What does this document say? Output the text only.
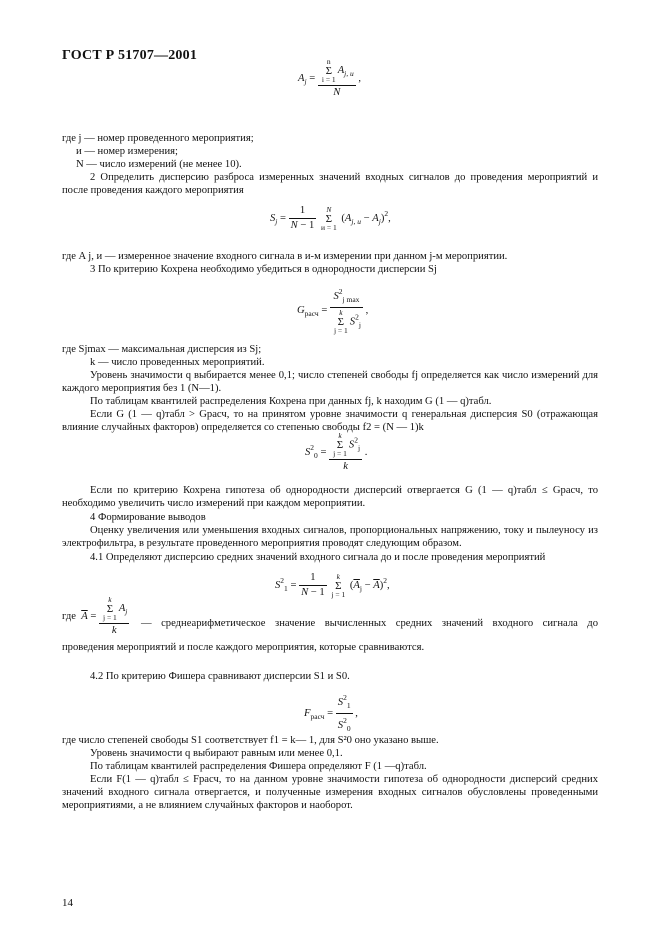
ГОСТ Р 51707—2001
$A_j = n$
Σ
$i = 1A_{j, и}$
N ,
где j — номер проведенного мероприятия;
и — номер измерения;
N — число измерений (не менее 10).
2 Определить дисперсию разброса измеренных значений входных сигналов до проведения мероприятий и после проведения каждого мероприятия
$S_j = \frac{1}{N - 1}$ N
Σ
и = 1 $(A_{j, и} - A_j)^2$,
где A j, и — измеренное значение входного сигнала в и-м измерении при данном j-м мероприятии.
3 По критерию Кохрена необходимо убедиться в однородности дисперсии Sj
$G_{расч} = S^2_{j max}$
k
Σ
$j = 1S^2_j$ ,
где Sjmax — максимальная дисперсия из Sj;
k — число проведенных мероприятий.
Уровень значимости q выбирается менее 0,1; число степеней свободы fj определяется как число измерений для каждого мероприятия без 1 (N—1).
По таблицам квантилей распределения Кохрена при данных fj, k находим G (1 — q)табл.
Если G (1 — q)табл > Gрасч, то на принятом уровне значимости q генеральная дисперсия S0 (отражающая влияние случайных факторов) определяется со степенью свободы f2 = (N — 1)k
$S^2_0 = k$
Σ
$j = 1S^2_j$
k .
Если по критерию Кохрена гипотеза об однородности дисперсий отвергается G (1 — q)табл ≤ Gрасч, то необходимо увеличить число измерений при каждом мероприятии.
4 Формирование выводов
Оценку увеличения или уменьшения входных сигналов, пропорциональных напряжению, току и пылеуносу из электрофильтра, в результате проведенного мероприятия проводят следующим образом.
4.1 Определяют дисперсию средних значений входного сигнала до и после проведения мероприятий
$S^2_1 = \frac{1}{N - 1}$ k
Σ
j = 1 $(\overline{A}_j - \overline{A})^2$,
где  $\overline{A} = k$
Σ
$j = 1A_j$
k — среднеарифметическое значение вычисленных средних значений входного сигнала до
проведения мероприятий и после каждого мероприятия, которые сравниваются.
4.2 По критерию Фишера сравнивают дисперсии S1 и S0.
$F_{расч} = \frac{S^2_1}{S^2_0}$ ,
где число степеней свободы S1 соответствует f1 = k— 1, для S²0 оно указано выше.
Уровень значимости q выбирают равным или менее 0,1.
По таблицам квантилей распределения Фишера определяют F (1 —q)табл.
Если F(1 — q)табл ≤ Fрасч, то на данном уровне значимости гипотеза об однородности дисперсий средних значений входного сигнала отвергается, и полученные измерения входных сигналов обусловлены проведенными мероприятиями, а не влиянием случайных факторов и наоборот.
14
